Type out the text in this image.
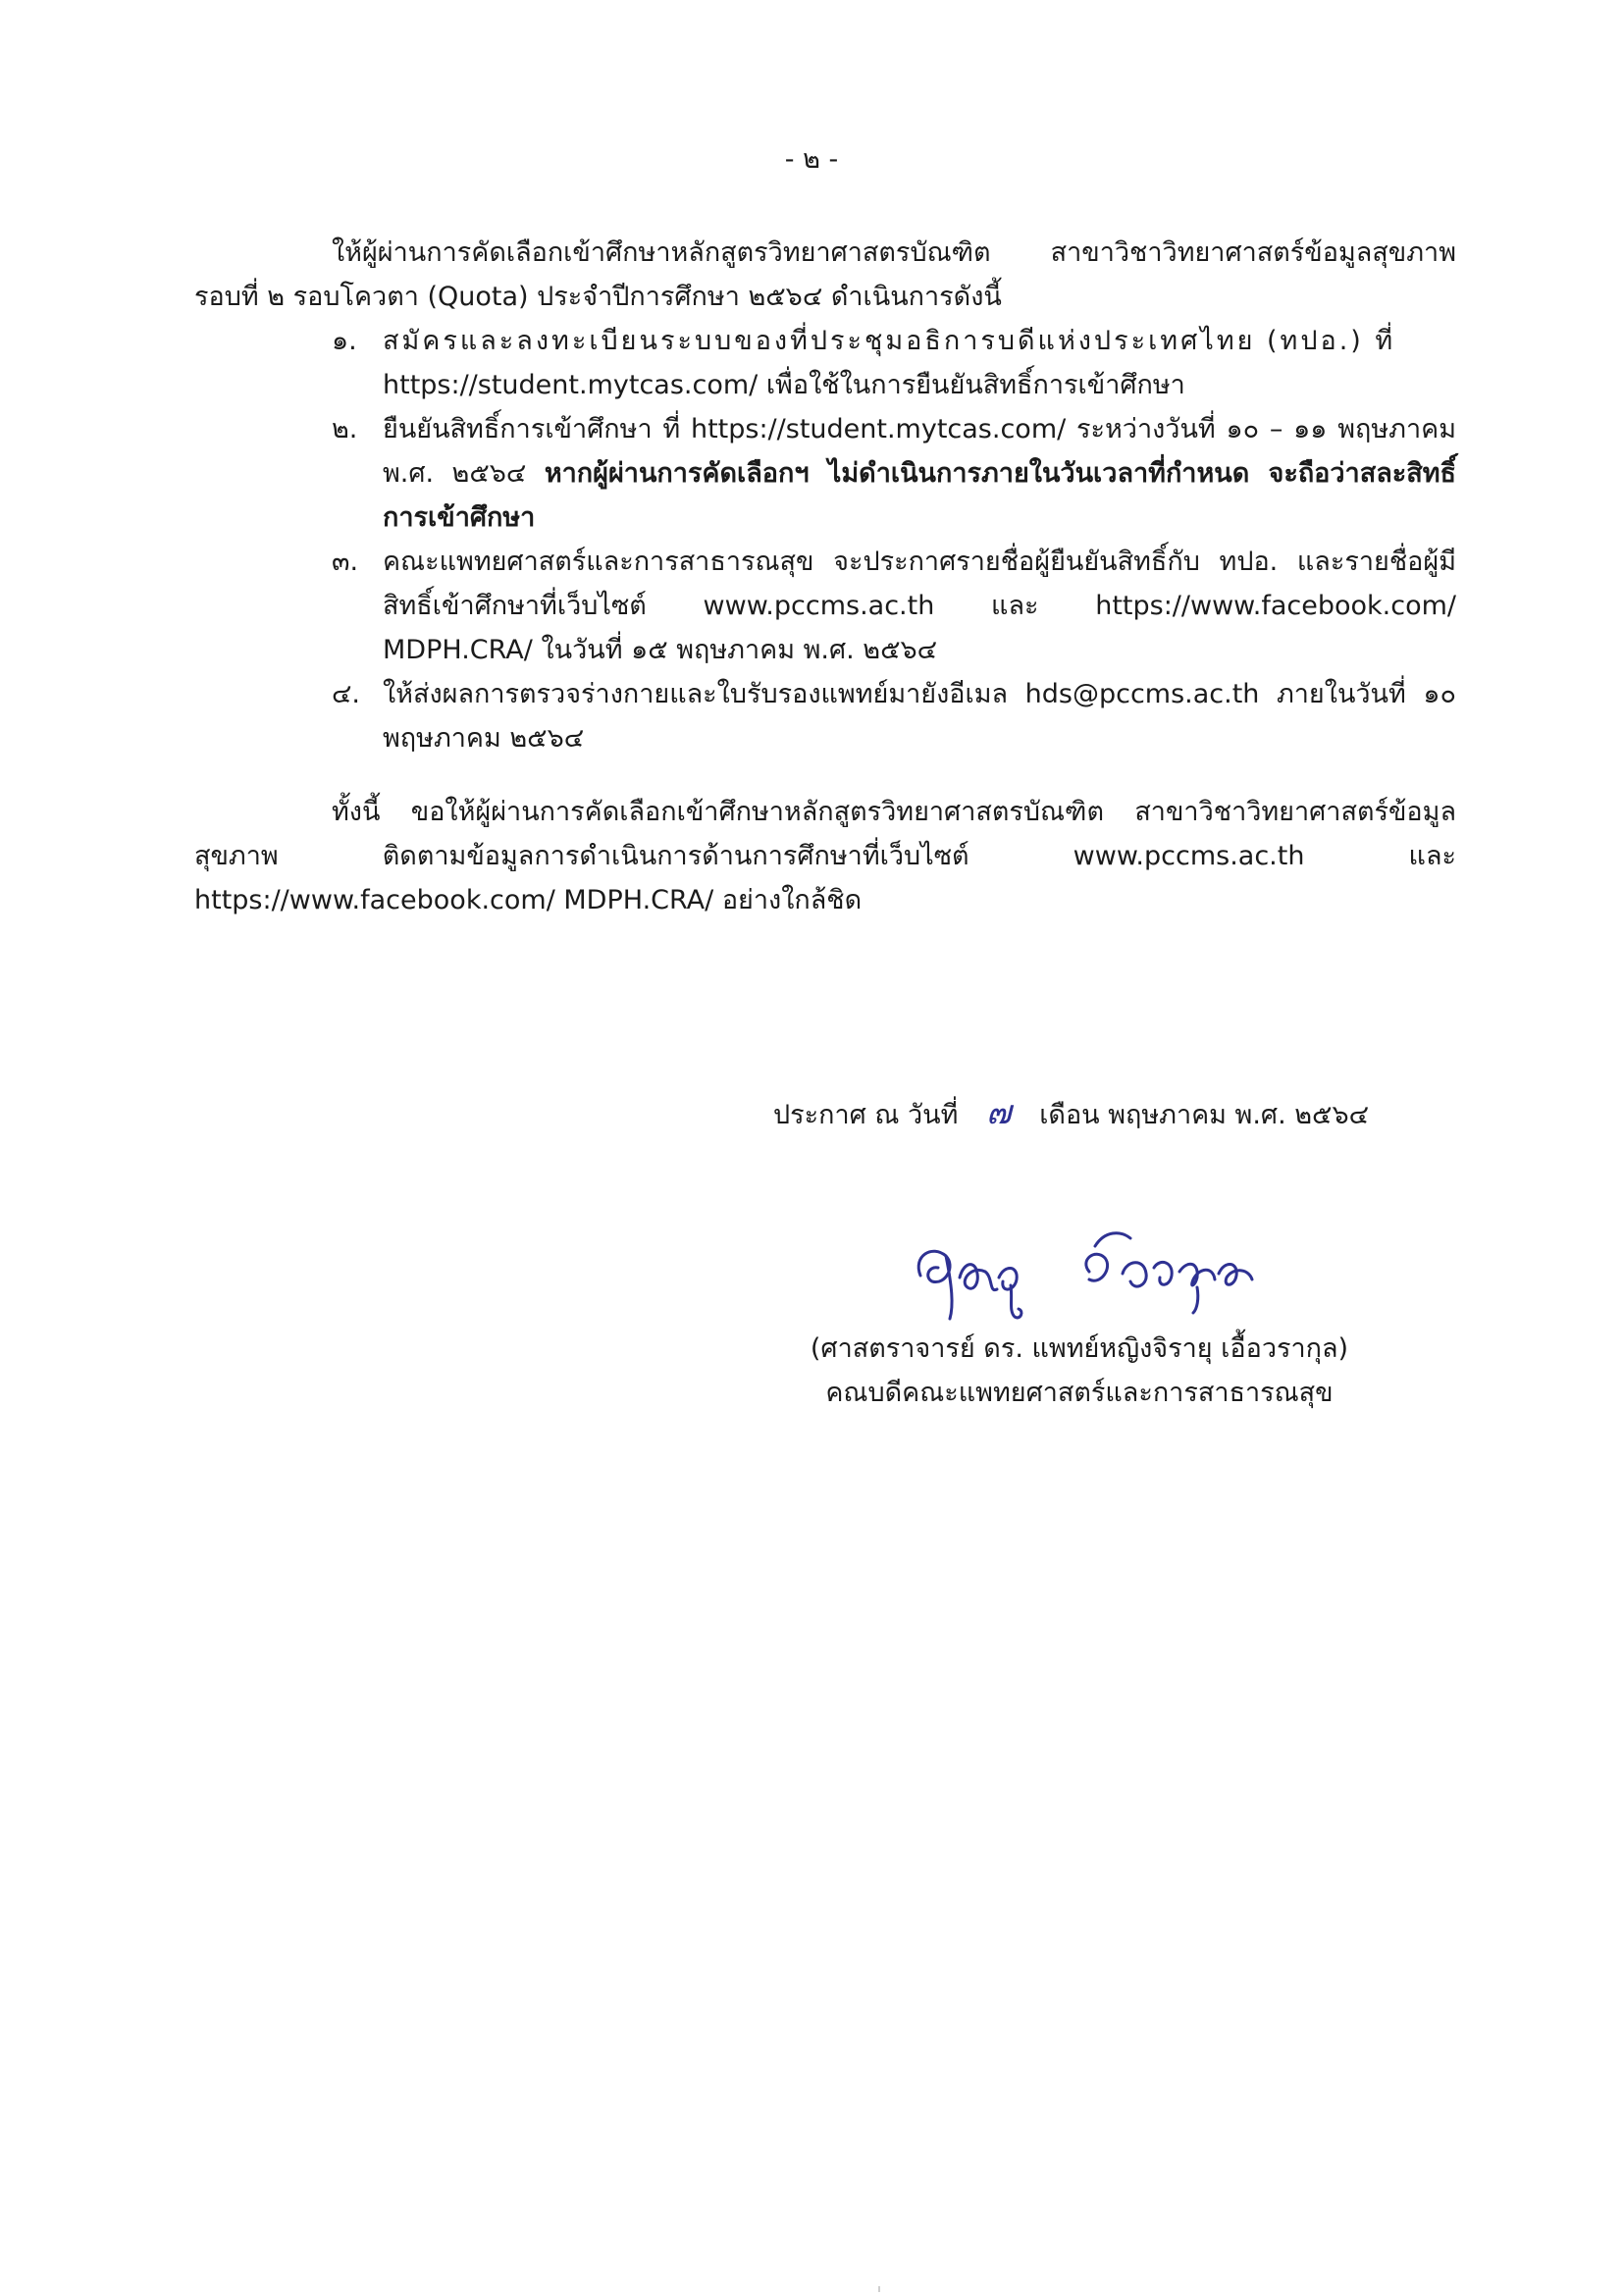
- ๒ -

ให้ผู้ผ่านการคัดเลือกเข้าศึกษาหลักสูตรวิทยาศาสตรบัณฑิต สาขาวิชาวิทยาศาสตร์ข้อมูลสุขภาพ รอบที่ ๒ รอบโควตา (Quota) ประจำปีการศึกษา ๒๕๖๔ ดำเนินการดังนี้

๑. สมัครและลงทะเบียนระบบของที่ประชุมอธิการบดีแห่งประเทศไทย (ทปอ.) ที่
https://student.mytcas.com/ เพื่อใช้ในการยืนยันสิทธิ์การเข้าศึกษา
๒. ยืนยันสิทธิ์การเข้าศึกษา ที่ https://student.mytcas.com/ ระหว่างวันที่ ๑๐ – ๑๑ พฤษภาคม พ.ศ. ๒๕๖๔ หากผู้ผ่านการคัดเลือกฯ ไม่ดำเนินการภายในวันเวลาที่กำหนด จะถือว่าสละสิทธิ์การเข้าศึกษา
๓. คณะแพทยศาสตร์และการสาธารณสุข จะประกาศรายชื่อผู้ยืนยันสิทธิ์กับ ทปอ. และรายชื่อผู้มีสิทธิ์เข้าศึกษาที่เว็บไซต์ www.pccms.ac.th และ https://www.facebook.com/ MDPH.CRA/ ในวันที่ ๑๕ พฤษภาคม พ.ศ. ๒๕๖๔
๔. ให้ส่งผลการตรวจร่างกายและใบรับรองแพทย์มายังอีเมล hds@pccms.ac.th ภายในวันที่ ๑๐ พฤษภาคม ๒๕๖๔

ทั้งนี้ ขอให้ผู้ผ่านการคัดเลือกเข้าศึกษาหลักสูตรวิทยาศาสตรบัณฑิต สาขาวิชาวิทยาศาสตร์ข้อมูลสุขภาพ ติดตามข้อมูลการดำเนินการด้านการศึกษาที่เว็บไซต์ www.pccms.ac.th และ https://www.facebook.com/ MDPH.CRA/ อย่างใกล้ชิด

ประกาศ ณ วันที่ ๗ เดือน พฤษภาคม พ.ศ. ๒๕๖๔
(ศาสตราจารย์ ดร. แพทย์หญิงจิรายุ เอื้อวรากุล)
คณบดีคณะแพทยศาสตร์และการสาธารณสุข
